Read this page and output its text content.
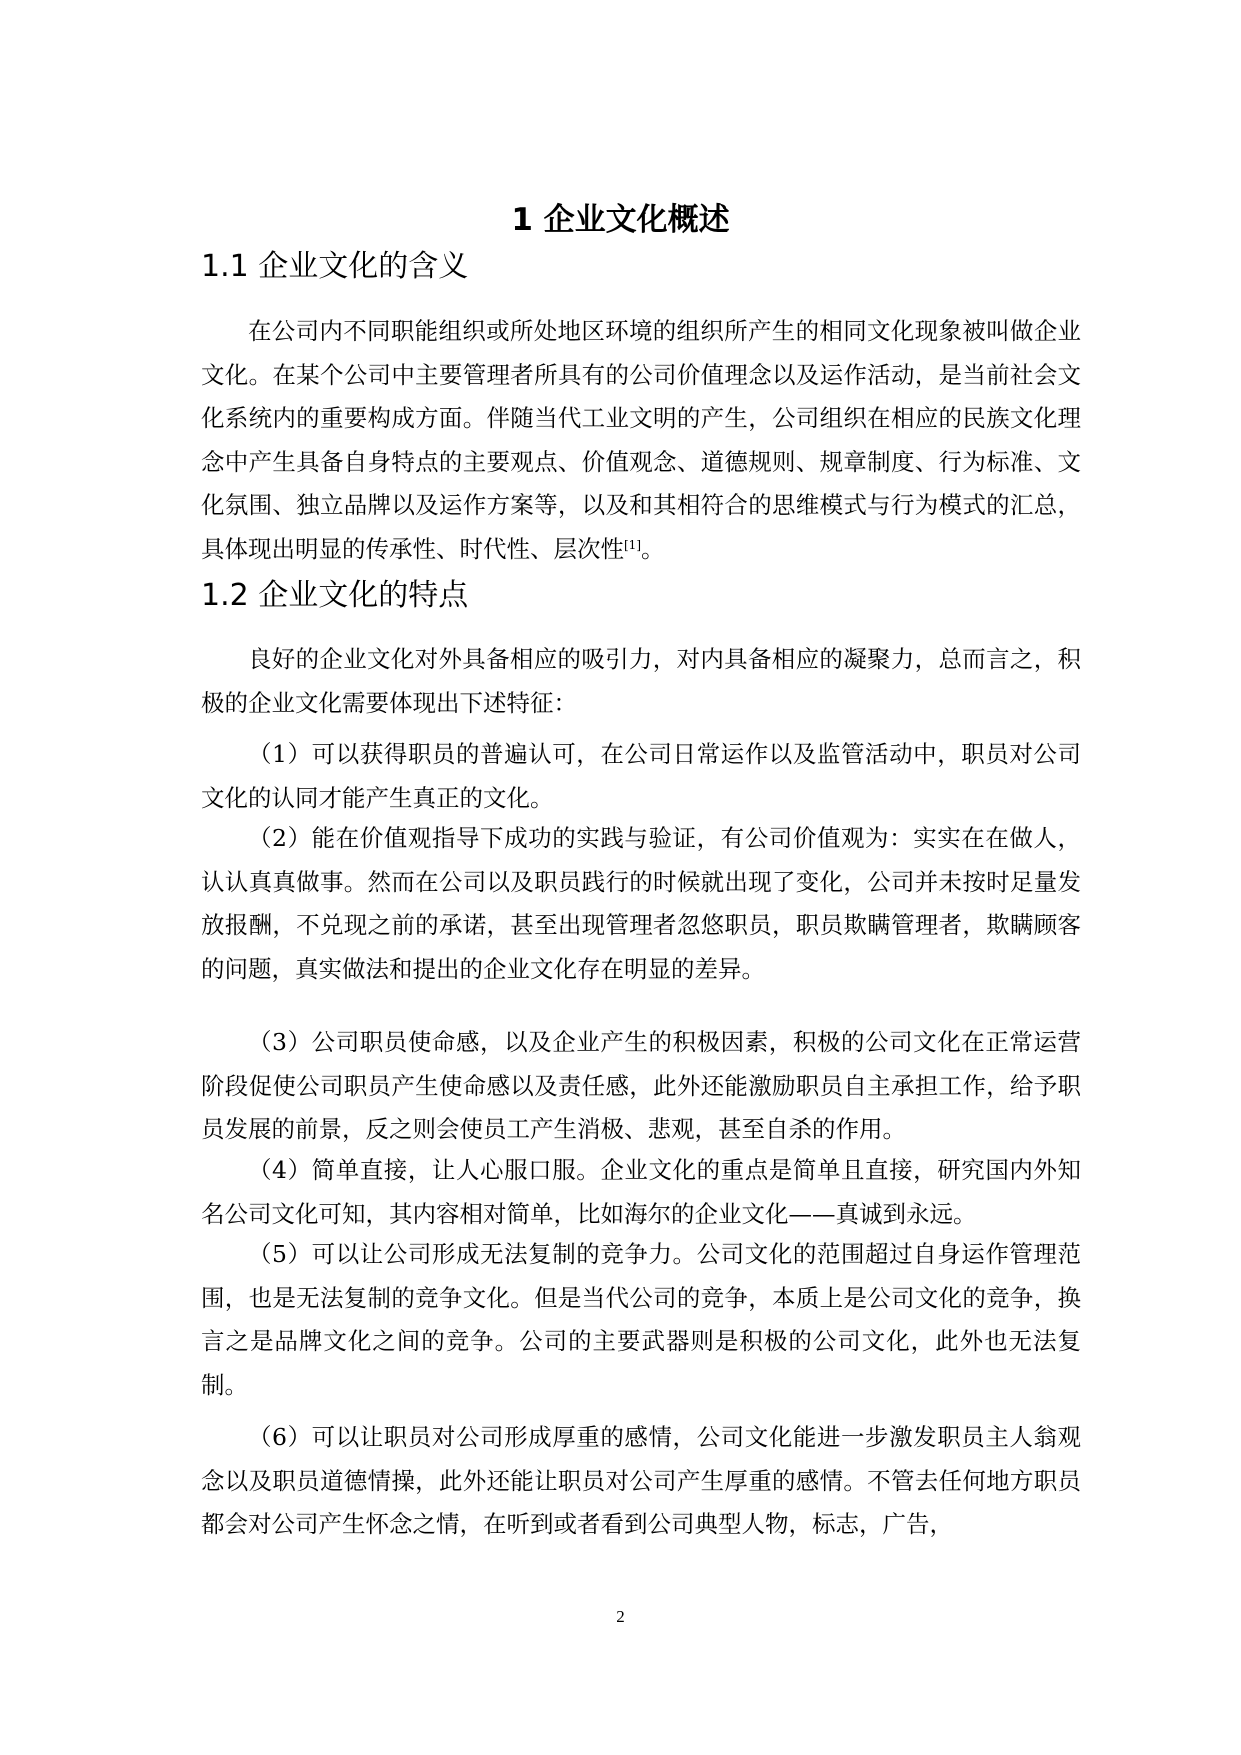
1 企业文化概述
1.1 企业文化的含义

在公司内不同职能组织或所处地区环境的组织所产生的相同文化现象被叫做企业文化。在某个公司中主要管理者所具有的公司价值理念以及运作活动，是当前社会文化系统内的重要构成方面。伴随当代工业文明的产生，公司组织在相应的民族文化理念中产生具备自身特点的主要观点、价值观念、道德规则、规章制度、行为标准、文化氛围、独立品牌以及运作方案等，以及和其相符合的思维模式与行为模式的汇总，具体现出明显的传承性、时代性、层次性[1]。

1.2 企业文化的特点

良好的企业文化对外具备相应的吸引力，对内具备相应的凝聚力，总而言之，积极的企业文化需要体现出下述特征：

（1）可以获得职员的普遍认可，在公司日常运作以及监管活动中，职员对公司文化的认同才能产生真正的文化。

（2）能在价值观指导下成功的实践与验证，有公司价值观为：实实在在做人，认认真真做事。然而在公司以及职员践行的时候就出现了变化，公司并未按时足量发放报酬，不兑现之前的承诺，甚至出现管理者忽悠职员，职员欺瞒管理者，欺瞒顾客的问题，真实做法和提出的企业文化存在明显的差异。

（3）公司职员使命感，以及企业产生的积极因素，积极的公司文化在正常运营阶段促使公司职员产生使命感以及责任感，此外还能激励职员自主承担工作，给予职员发展的前景，反之则会使员工产生消极、悲观，甚至自杀的作用。

（4）简单直接，让人心服口服。企业文化的重点是简单且直接，研究国内外知名公司文化可知，其内容相对简单，比如海尔的企业文化——真诚到永远。

（5）可以让公司形成无法复制的竞争力。公司文化的范围超过自身运作管理范围，也是无法复制的竞争文化。但是当代公司的竞争，本质上是公司文化的竞争，换言之是品牌文化之间的竞争。公司的主要武器则是积极的公司文化，此外也无法复制。

（6）可以让职员对公司形成厚重的感情，公司文化能进一步激发职员主人翁观念以及职员道德情操，此外还能让职员对公司产生厚重的感情。不管去任何地方职员都会对公司产生怀念之情，在听到或者看到公司典型人物，标志，广告，

2
